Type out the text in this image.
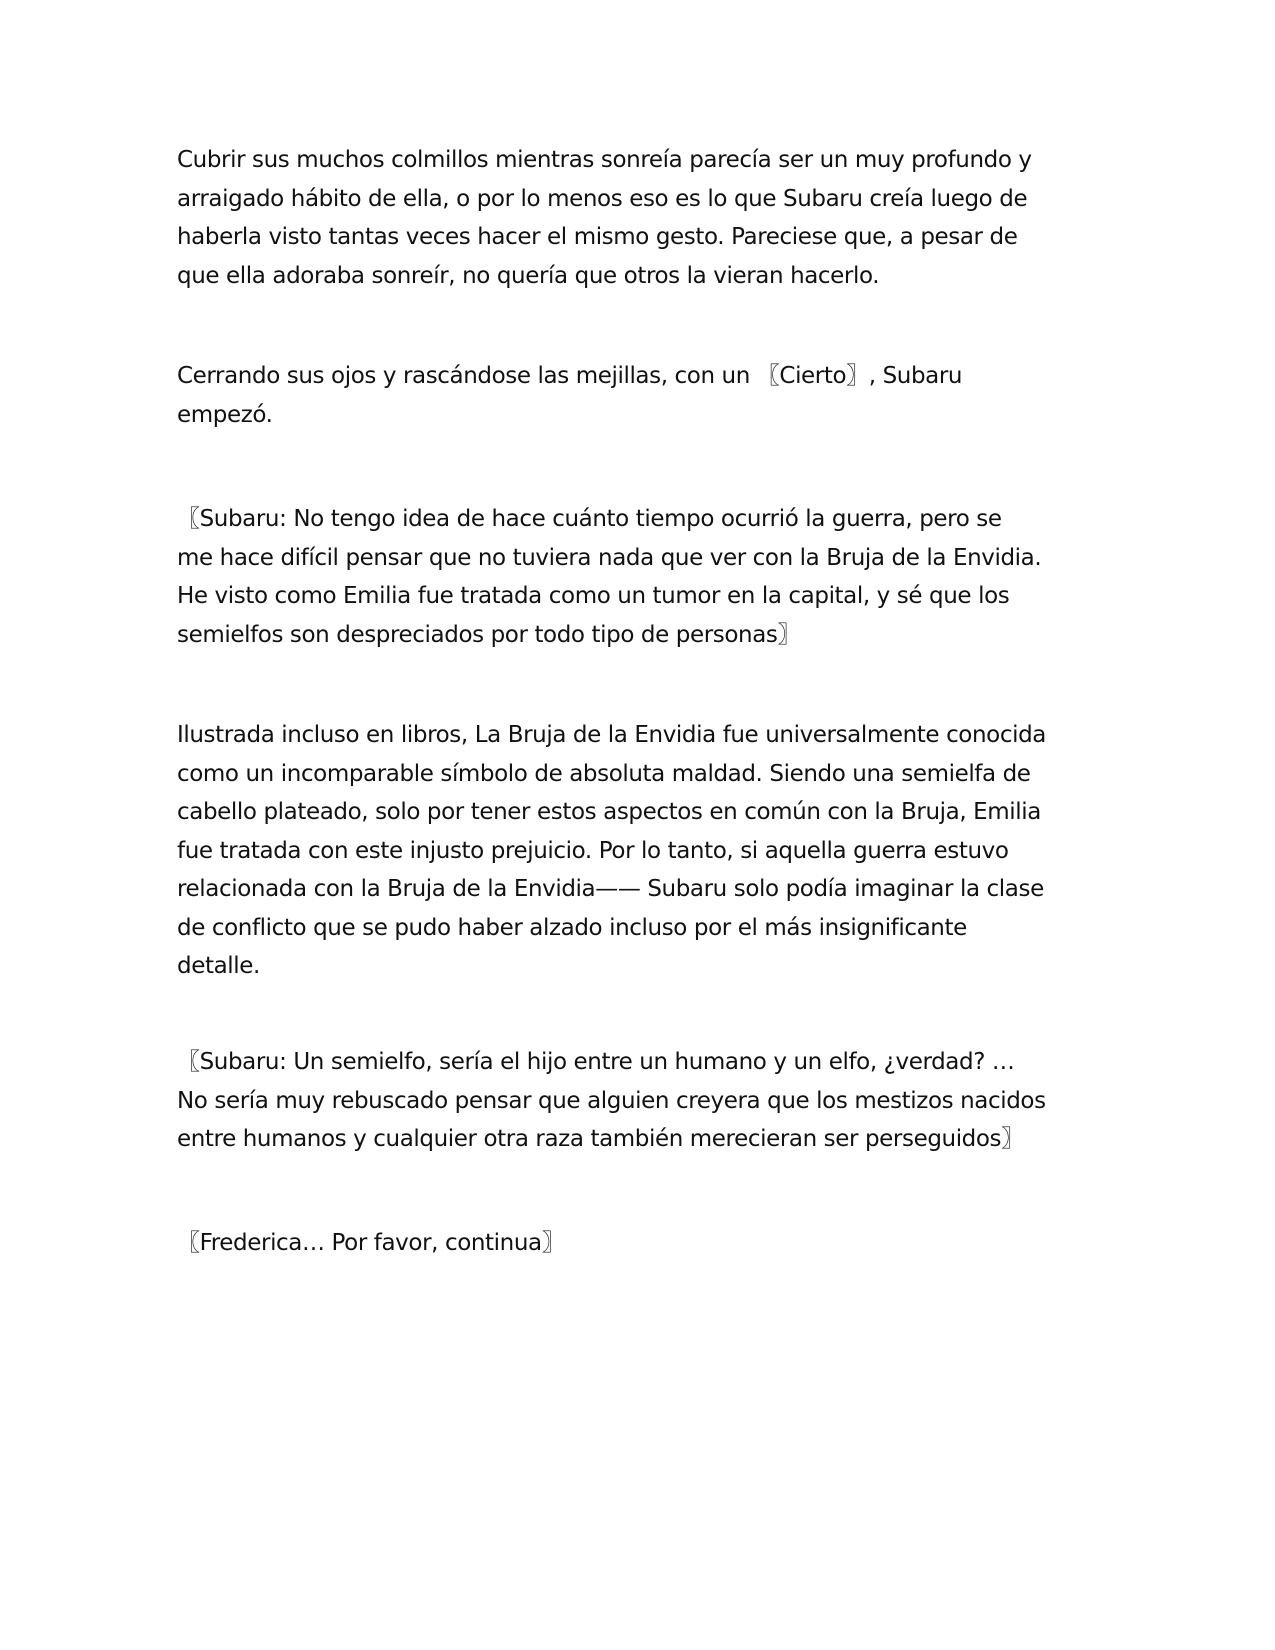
Cubrir sus muchos colmillos mientras sonreía parecía ser un muy profundo y
arraigado hábito de ella, o por lo menos eso es lo que Subaru creía luego de
haberla visto tantas veces hacer el mismo gesto. Pareciese que, a pesar de
que ella adoraba sonreír, no quería que otros la vieran hacerlo.

Cerrando sus ojos y rascándose las mejillas, con un 〖Cierto〗, Subaru
empezó.

〖Subaru: No tengo idea de hace cuánto tiempo ocurrió la guerra, pero se
me hace difícil pensar que no tuviera nada que ver con la Bruja de la Envidia.
He visto como Emilia fue tratada como un tumor en la capital, y sé que los
semielfos son despreciados por todo tipo de personas〗

Ilustrada incluso en libros, La Bruja de la Envidia fue universalmente conocida
como un incomparable símbolo de absoluta maldad. Siendo una semielfa de
cabello plateado, solo por tener estos aspectos en común con la Bruja, Emilia
fue tratada con este injusto prejuicio. Por lo tanto, si aquella guerra estuvo
relacionada con la Bruja de la Envidia—— Subaru solo podía imaginar la clase
de conflicto que se pudo haber alzado incluso por el más insignificante
detalle.

〖Subaru: Un semielfo, sería el hijo entre un humano y un elfo, ¿verdad? …
No sería muy rebuscado pensar que alguien creyera que los mestizos nacidos
entre humanos y cualquier otra raza también merecieran ser perseguidos〗

〖Frederica… Por favor, continua〗
